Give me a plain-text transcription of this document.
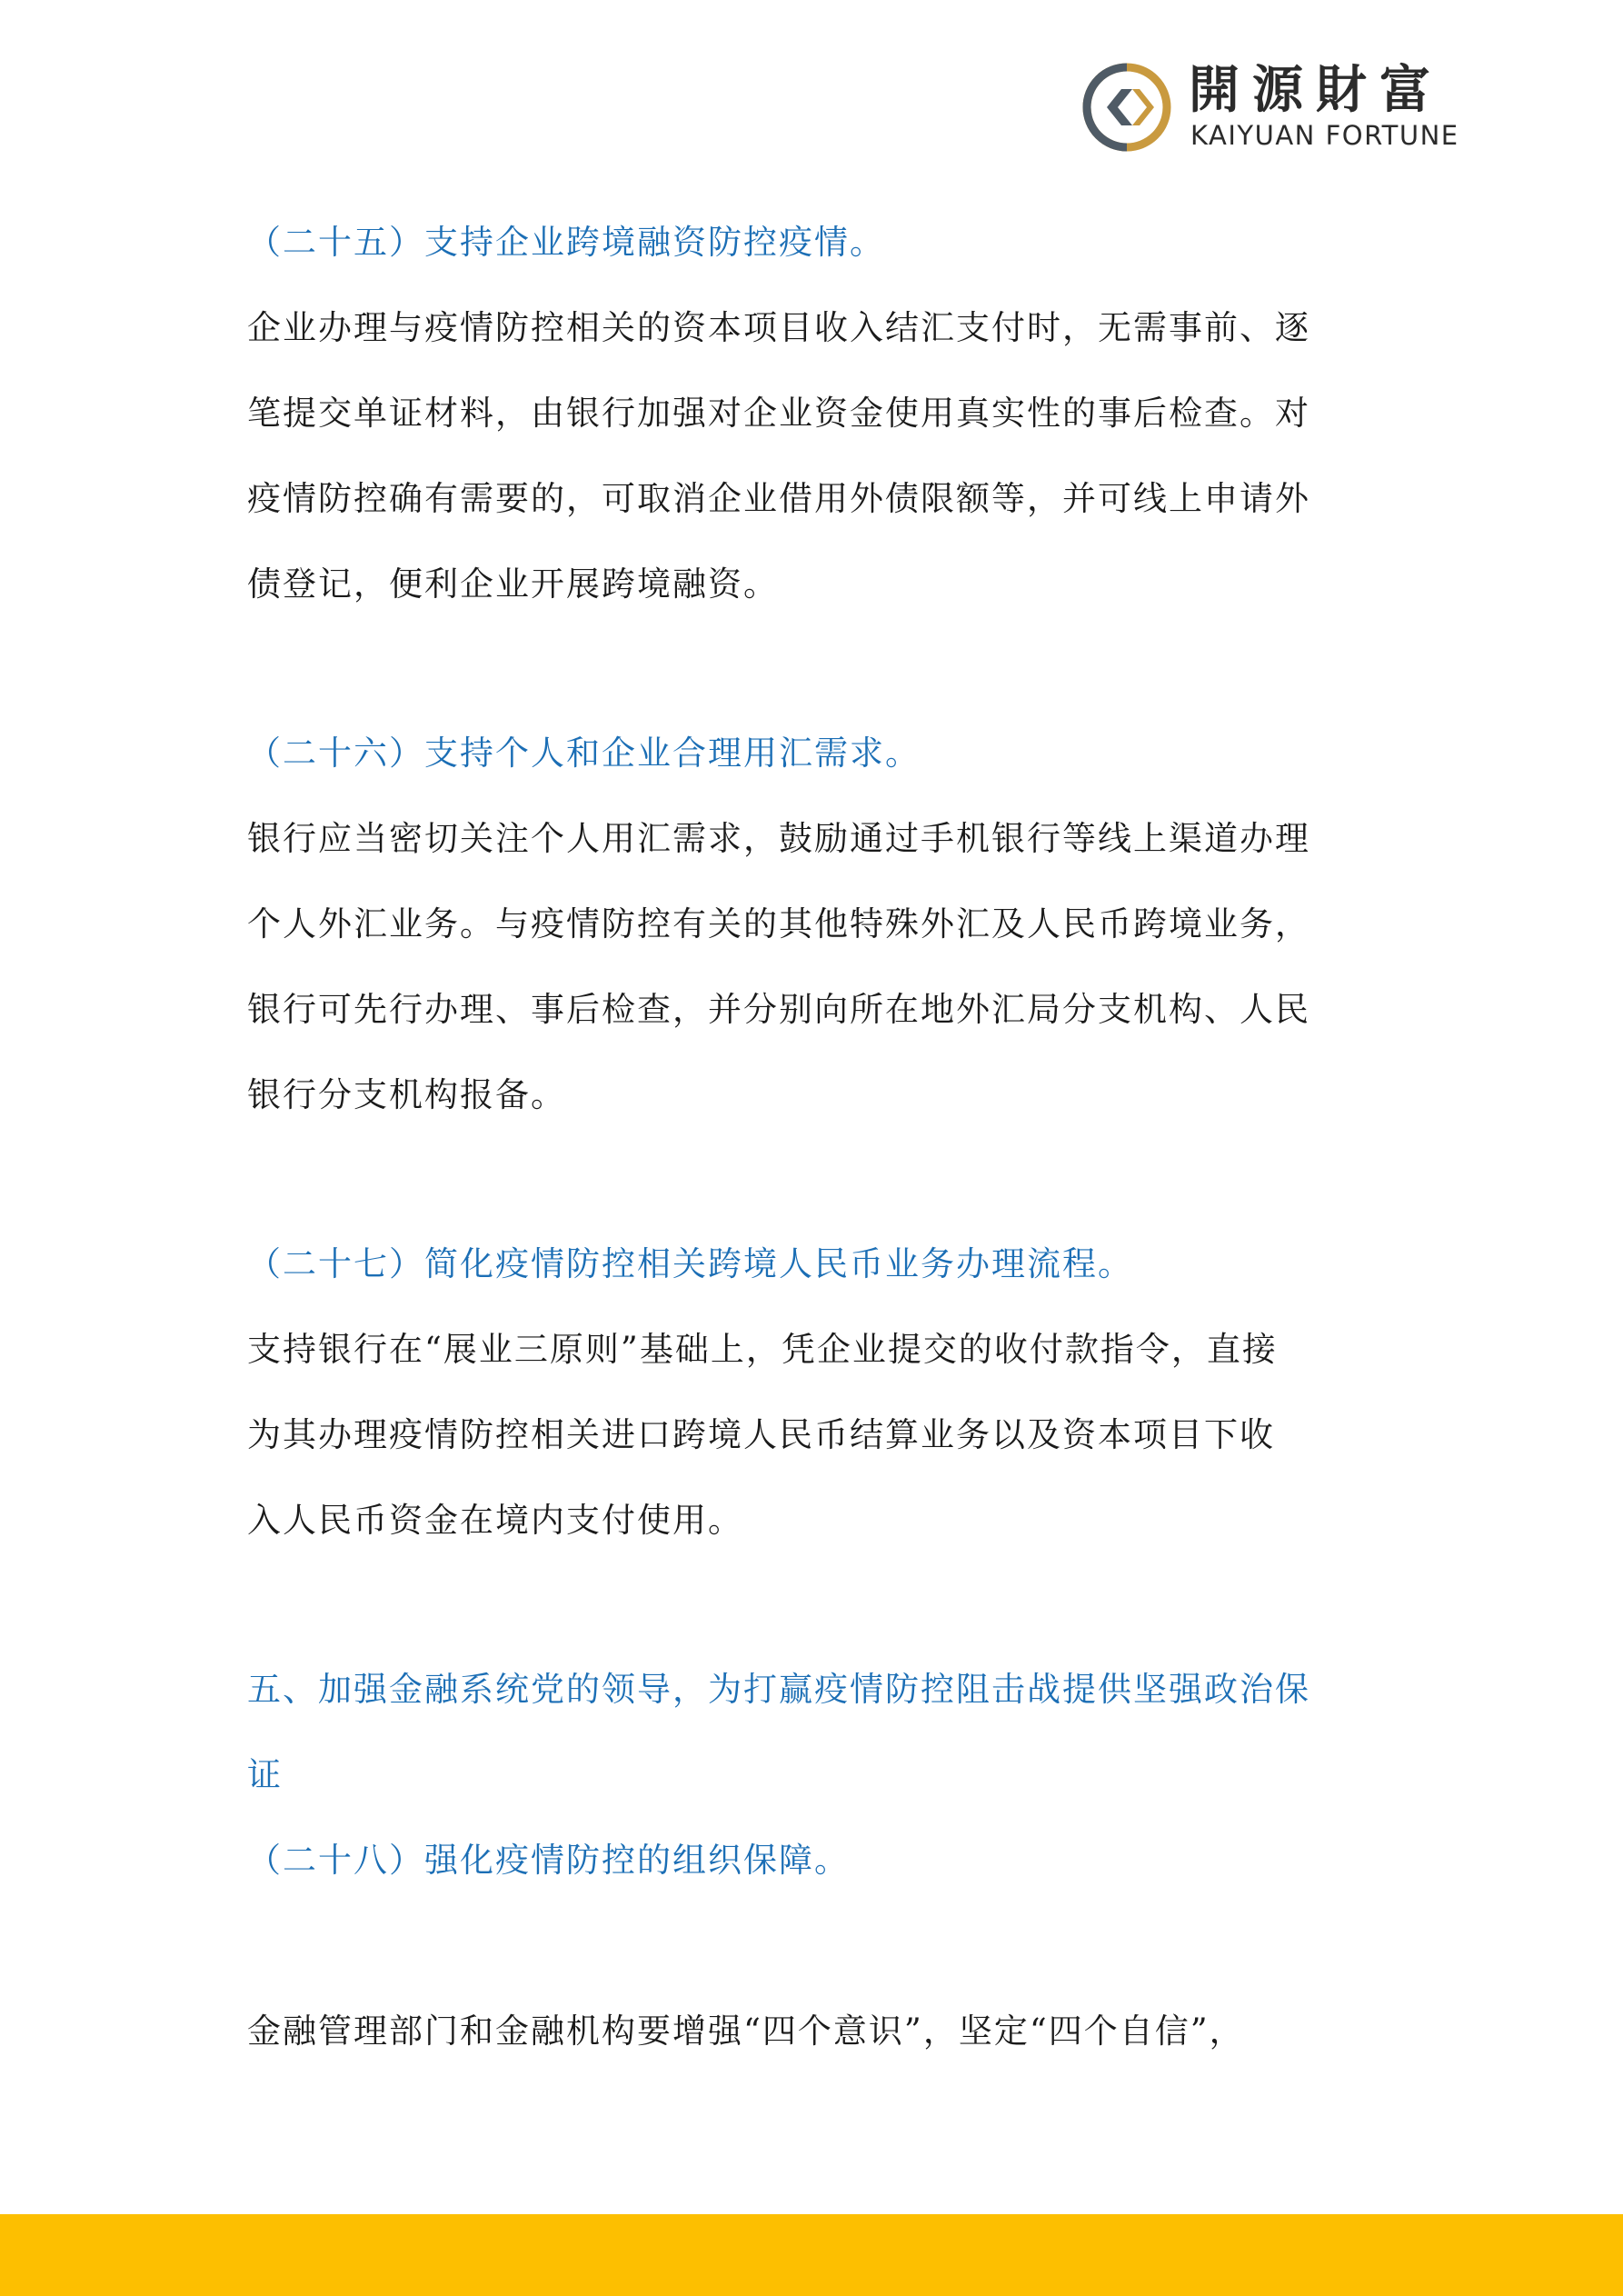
開源財富
KAIYUAN FORTUNE

（二十五）支持企业跨境融资防控疫情。

企业办理与疫情防控相关的资本项目收入结汇支付时，无需事前、逐
笔提交单证材料，由银行加强对企业资金使用真实性的事后检查。对
疫情防控确有需要的，可取消企业借用外债限额等，并可线上申请外
债登记，便利企业开展跨境融资。

（二十六）支持个人和企业合理用汇需求。

银行应当密切关注个人用汇需求，鼓励通过手机银行等线上渠道办理
个人外汇业务。与疫情防控有关的其他特殊外汇及人民币跨境业务，
银行可先行办理、事后检查，并分别向所在地外汇局分支机构、人民
银行分支机构报备。

（二十七）简化疫情防控相关跨境人民币业务办理流程。

支持银行在“展业三原则”基础上，凭企业提交的收付款指令，直接
为其办理疫情防控相关进口跨境人民币结算业务以及资本项目下收
入人民币资金在境内支付使用。
五、加强金融系统党的领导，为打赢疫情防控阻击战提供坚强政治保
证

（二十八）强化疫情防控的组织保障。

金融管理部门和金融机构要增强“四个意识”，坚定“四个自信”，
